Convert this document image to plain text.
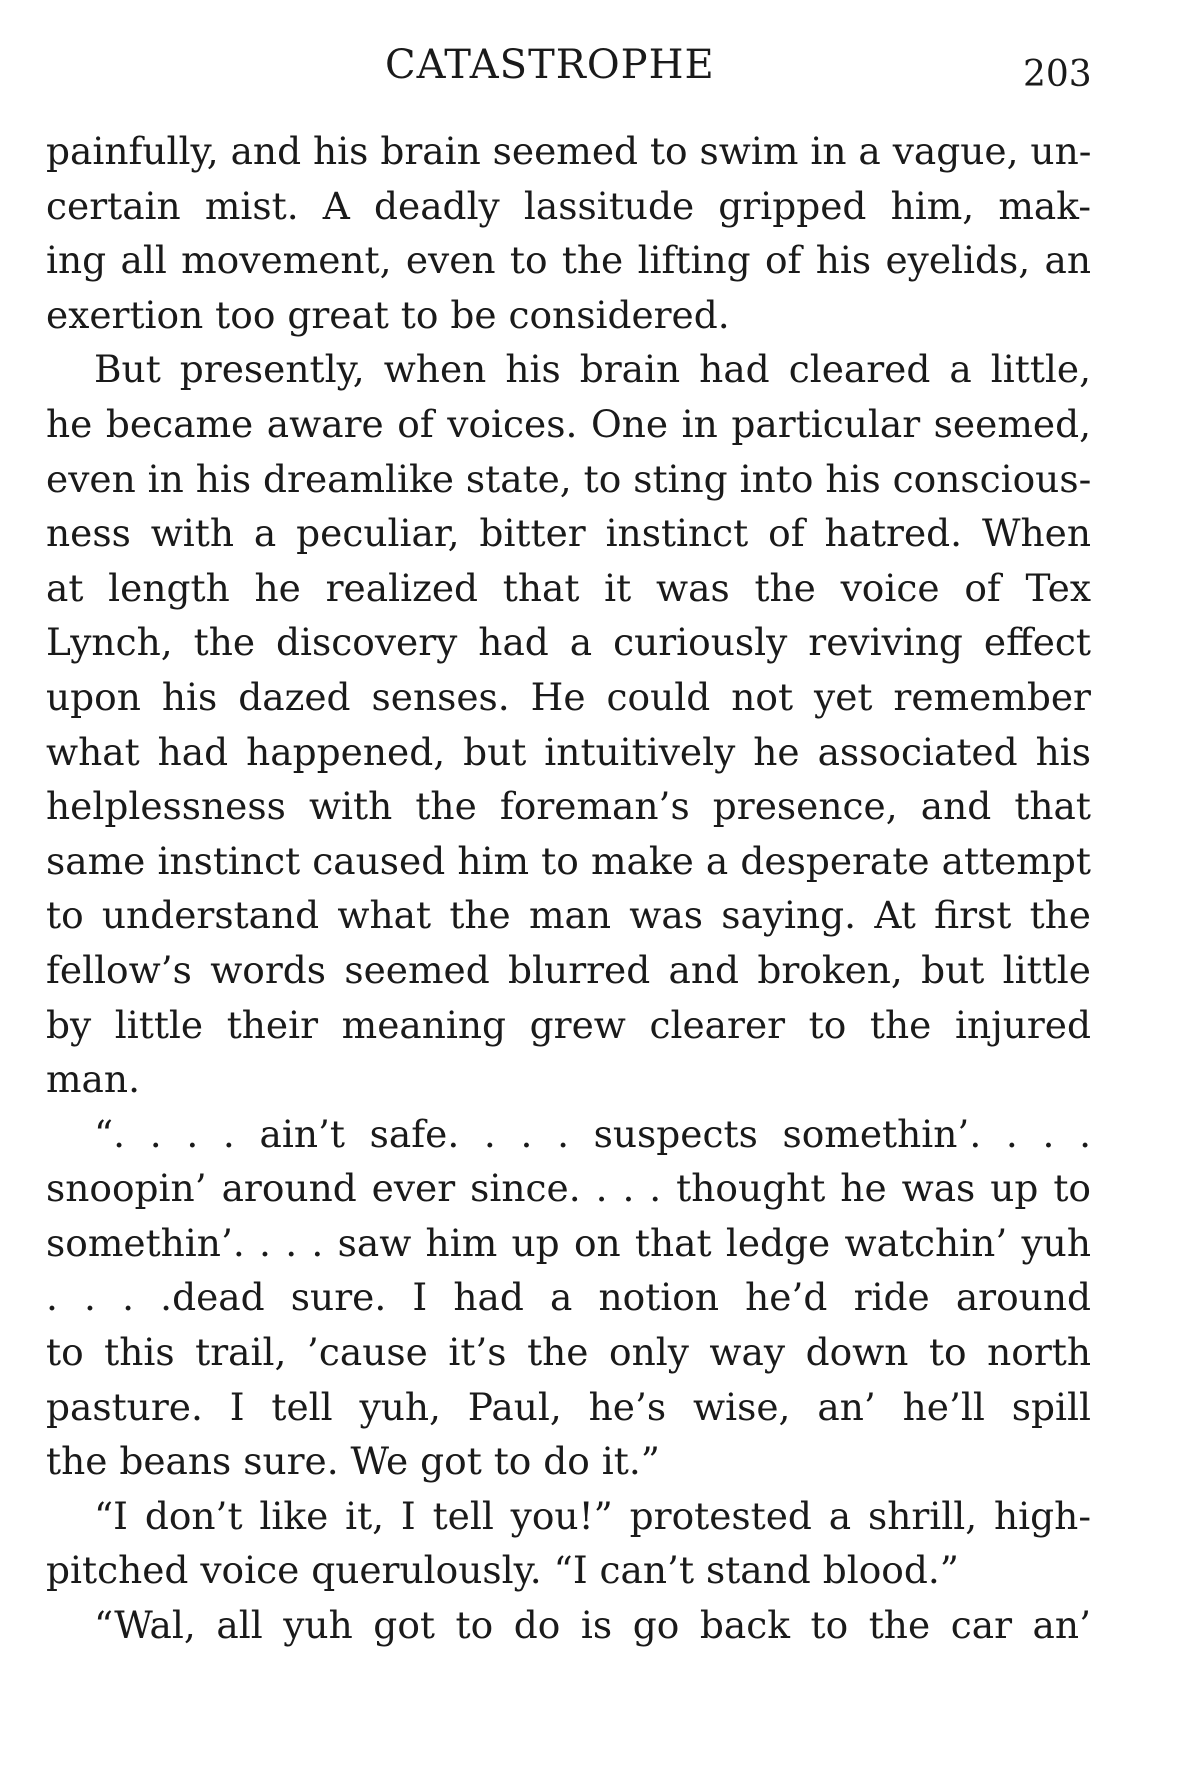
CATASTROPHE	203
painfully, and his brain seemed to swim in a vague, un-
certain mist. A deadly lassitude gripped him, mak-
ing all movement, even to the lifting of his eyelids, an
exertion too great to be considered.
But presently, when his brain had cleared a little,
he became aware of voices. One in particular seemed,
even in his dreamlike state, to sting into his conscious-
ness with a peculiar, bitter instinct of hatred. When
at length he realized that it was the voice of Tex
Lynch, the discovery had a curiously reviving effect
upon his dazed senses. He could not yet remember
what had happened, but intuitively he associated his
helplessness with the foreman’s presence, and that
same instinct caused him to make a desperate attempt
to understand what the man was saying. At first the
fellow’s words seemed blurred and broken, but little
by little their meaning grew clearer to the injured
man.
“. . . . ain’t safe. . . . suspects somethin’. . . .
snoopin’ around ever since. . . . thought he was up to
somethin’. . . . saw him up on that ledge watchin’ yuh
. . . .dead sure. I had a notion he’d ride around
to this trail, ’cause it’s the only way down to north
pasture. I tell yuh, Paul, he’s wise, an’ he’ll spill
the beans sure. We got to do it.”
“I don’t like it, I tell you!” protested a shrill, high-
pitched voice querulously. “I can’t stand blood.”
“Wal, all yuh got to do is go back to the car an’
